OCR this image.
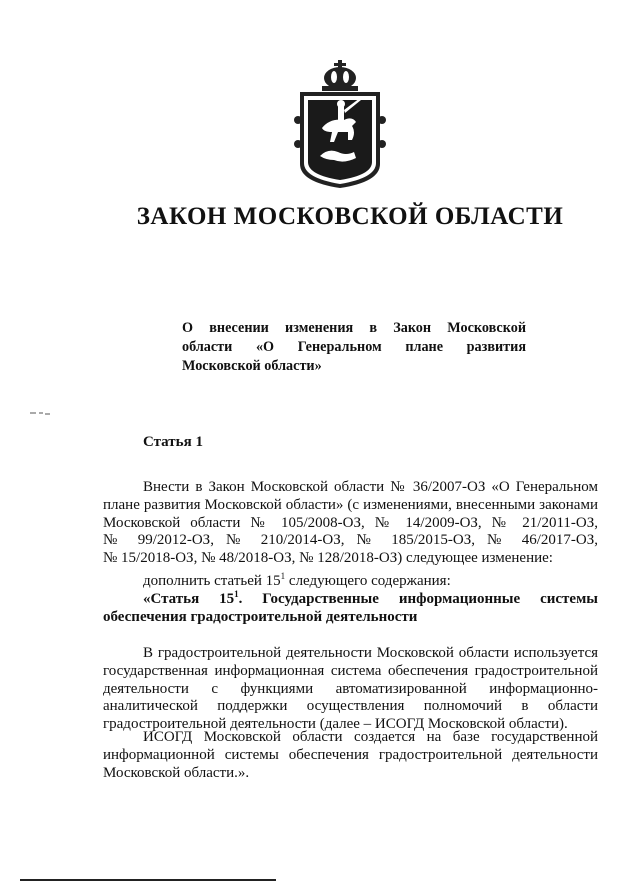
ЗАКОН МОСКОВСКОЙ ОБЛАСТИ
О внесении изменения в Закон Московской
области «О Генеральном плане развития
Московской области»
Статья 1
Внести в Закон Московской области № 36/2007-ОЗ «О Генеральном
плане развития Московской области» (с изменениями, внесенными законами
Московской области № 105/2008-ОЗ, № 14/2009-ОЗ, № 21/2011-ОЗ,
№ 99/2012-ОЗ, № 210/2014-ОЗ, № 185/2015-ОЗ, № 46/2017-ОЗ,
№ 15/2018-ОЗ, № 48/2018-ОЗ, № 128/2018-ОЗ) следующее изменение:
дополнить статьей $15^1$ следующего содержания:
«Статья $15^1$. Государственные информационные системы
обеспечения градостроительной деятельности
В градостроительной деятельности Московской области используется
государственная информационная система обеспечения градостроительной
деятельности с функциями автоматизированной информационно-
аналитической поддержки осуществления полномочий в области
градостроительной деятельности (далее – ИСОГД Московской области).
ИСОГД Московской области создается на базе государственной
информационной системы обеспечения градостроительной деятельности
Московской области.».
